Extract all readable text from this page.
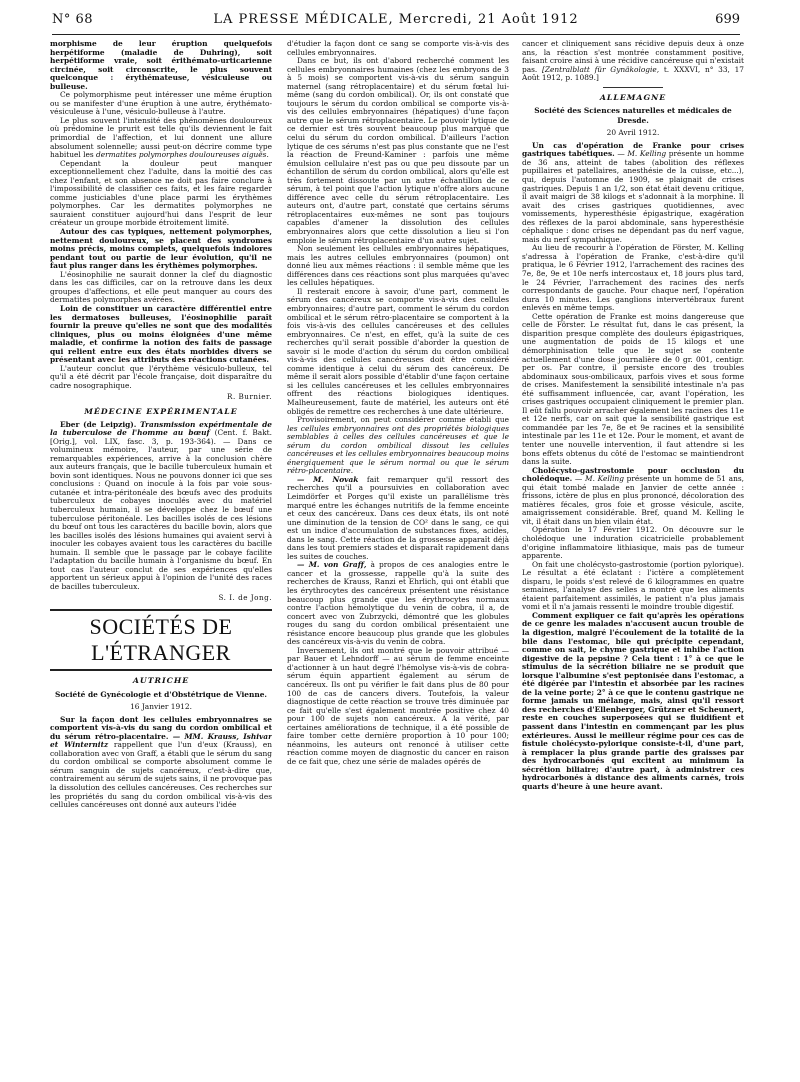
N° 68	LA PRESSE MÉDICALE, Mercredi, 21 Août 1912	699

morphisme de leur éruption quelquefois herpétiforme (maladie de Duhring), soit herpétiforme vraie, soit érithémato-urticarienne circinée, soit circonscrite, le plus souvent quelconque : érythémateuse, vésiculeuse ou bulleuse.

Ce polymorphisme peut intéresser une même éruption ou se manifester d'une éruption à une autre, érythémato-vésiculeuse à l'une, vésiculo-bulleuse à l'autre.

Le plus souvent l'intensité des phénomènes douloureux où prédomine le prurit est telle qu'ils deviennent le fait primordial de l'affection, et lui donnent une allure absolument solennelle; aussi peut-on décrire comme type habituel les dermatites polymorphes douloureuses aiguës.

Cependant la douleur peut manquer exceptionnellement chez l'adulte, dans la moitié des cas chez l'enfant, et son absence ne doit pas faire conclure à l'impossibilité de classifier ces faits, et les faire regarder comme justiciables d'une place parmi les érythèmes polymorphes. Car les dermatites polymorphes ne sauraient constituer aujourd'hui dans l'esprit de leur créateur un groupe morbide étroitement limité.

Autour des cas typiques, nettement polymorphes, nettement douloureux, se placent des syndromes moins précis, moins complets, quelquefois indolores pendant tout ou partie de leur évolution, qu'il ne faut plus ranger dans les érythèmes polymorphes.

L'éosinophilie ne saurait donner la clef du diagnostic dans les cas difficiles, car on la retrouve dans les deux groupes d'affections, et elle peut manquer au cours des dermatites polymorphes avérées.

Loin de constituer un caractère différentiel entre les dermatoses bulleuses, l'éosinophilie paraît fournir la preuve qu'elles ne sont que des modalités cliniques, plus ou moins éloignées d'une même maladie, et confirme la notion des faits de passage qui relient entre eux des états morbides divers se présentant avec les attributs des réactions cutanées.

L'auteur conclut que l'érythème vésiculo-bulleux, tel qu'il a été décrit par l'école française, doit disparaître du cadre nosographique.

R. Burnier.
MÉDECINE EXPÉRIMENTALE

Eber (de Leipzig). Transmission expérimentale de la tuberculose de l'homme au bœuf (Cent. f. Bakt. [Orig.], vol. LIX, fasc. 3, p. 193-364). — Dans ce volumineux mémoire, l'auteur, par une série de remarquables expériences, arrive à la conclusion chère aux auteurs français, que le bacille tuberculeux humain et bovin sont identiques. Nous ne pouvons donner ici que ses conclusions : Quand on inocule à la fois par voie sous-cutanée et intra-péritonéale des bœufs avec des produits tuberculeux de cobayes inoculés avec du matériel tuberculeux humain, il se développe chez le bœuf une tuberculose péritonéale. Les bacilles isolés de ces lésions du bœuf ont tous les caractères du bacille bovin, alors que les bacilles isolés des lésions humaines qui avaient servi à inoculer les cobayes avaient tous les caractères du bacille humain. Il semble que le passage par le cobaye facilite l'adaptation du bacille humain à l'organisme du bœuf. En tout cas l'auteur conclut de ses expériences qu'elles apportent un sérieux appui à l'opinion de l'unité des races de bacilles tuberculeux.

S. I. de Jong.
SOCIÉTÉS DE L'ÉTRANGER
AUTRICHE
Société de Gynécologie et d'Obstétrique de Vienne.
16 Janvier 1912.

Sur la façon dont les cellules embryonnaires se comportent vis-à-vis du sang du cordon ombilical et du sérum rétro-placentaire. — MM. Krauss, Ishivar et Winternitz rappellent que l'un d'eux (Krauss), en collaboration avec von Graff, a établi que le sérum du sang du cordon ombilical se comporte absolument comme le sérum sanguin de sujets cancéreux, c'est-à-dire que, contrairement au sérum de sujets sains, il ne provoque pas la dissolution des cellules cancéreuses. Ces recherches sur les propriétés du sang du cordon ombilical vis-à-vis des cellules cancéreuses ont donné aux auteurs l'idée

d'étudier la façon dont ce sang se comporte vis-à-vis des cellules embryonnaires.

Dans ce but, ils ont d'abord recherché comment les cellules embryonnaires humaines (chez les embryons de 3 à 5 mois) se comportent vis-à-vis du sérum sanguin maternel (sang rétroplacentaire) et du sérum fœtal lui-même (sang du cordon ombilical). Or, ils ont constaté que toujours le sérum du cordon ombilical se comporte vis-à-vis des cellules embryonnaires (hépatiques) d'une façon autre que le sérum rétroplacentaire. Le pouvoir lytique de ce dernier est très souvent beaucoup plus marqué que celui du sérum du cordon ombilical. D'ailleurs l'action lytique de ces sérums n'est pas plus constante que ne l'est la réaction de Freund-Kaminer : parfois une même émulsion cellulaire n'est pas ou que peu dissoute par un échantillon de sérum du cordon ombilical, alors qu'elle est très fortement dissoute par un autre échantillon de ce sérum, à tel point que l'action lytique n'offre alors aucune différence avec celle du sérum rétroplacentaire. Les auteurs ont, d'autre part, constaté que certains sérums rétroplacentaires eux-mêmes ne sont pas toujours capables d'amener la dissolution des cellules embryonnaires alors que cette dissolution a lieu si l'on emploie le sérum rétroplacentaire d'un autre sujet.

Non seulement les cellules embryonnaires hépatiques, mais les autres cellules embryonnaires (poumon) ont donné lieu aux mêmes réactions : il semble même que les différences dans ces réactions sont plus marquées qu'avec les cellules hépatiques.

Il resterait encore à savoir, d'une part, comment le sérum des cancéreux se comporte vis-à-vis des cellules embryonnaires; d'autre part, comment le sérum du cordon ombilical et le sérum rétro-placentaire se comportent à la fois vis-à-vis des cellules cancéreuses et des cellules embryonnaires. Ce n'est, en effet, qu'à la suite de ces recherches qu'il serait possible d'aborder la question de savoir si le mode d'action du sérum du cordon ombilical vis-à-vis des cellules cancéreuses doit être considéré comme identique à celui du sérum des cancéreux. De même il serait alors possible d'établir d'une façon certaine si les cellules cancéreuses et les cellules embryonnaires offrent des réactions biologiques identiques. Malheureusement, faute de matériel, les auteurs ont été obligés de remettre ces recherches à une date ultérieure.

Provisoirement, on peut considérer comme établi que les cellules embryonnaires ont des propriétés biologiques semblables à celles des cellules cancéreuses et que le sérum du cordon ombilical dissout les cellules cancéreuses et les cellules embryonnaires beaucoup moins énergiquement que le sérum normal ou que le sérum rétro-placentaire.

— M. Novak fait remarquer qu'il ressort des recherches qu'il a poursuivies en collaboration avec Leimdörfer et Porges qu'il existe un parallélisme très marqué entre les échanges nutritifs de la femme enceinte et ceux des cancéreux. Dans ces deux états, ils ont noté une diminution de la tension de CO² dans le sang, ce qui est un indice d'accumulation de substances fixes, acides, dans le sang. Cette réaction de la grossesse apparaît déjà dans les tout premiers stades et disparaît rapidement dans les suites de couches.

— M. von Graff, à propos de ces analogies entre le cancer et la grossesse, rappelle qu'à la suite des recherches de Krauss, Ranzi et Ehrlich, qui ont établi que les érythrocytes des cancéreux présentent une résistance beaucoup plus grande que les érythrocytes normaux contre l'action hémolytique du venin de cobra, il a, de concert avec von Zubrzycki, démontré que les globules rouges du sang du cordon ombilical présentaient une résistance encore beaucoup plus grande que les globules des cancéreux vis-à-vis du venin de cobra.

Inversement, ils ont montré que le pouvoir attribué — par Bauer et Lehndorff — au sérum de femme enceinte d'actionner à un haut degré l'hémolyse vis-à-vis de cobra-sérum équin appartient également au sérum de cancéreux. Ils ont pu vérifier le fait dans plus de 80 pour 100 de cas de cancers divers. Toutefois, la valeur diagnostique de cette réaction se trouve très diminuée par ce fait qu'elle s'est également montrée positive chez 40 pour 100 de sujets non cancéreux. A la vérité, par certaines améliorations de technique, il a été possible de faire tomber cette dernière proportion à 10 pour 100; néanmoins, les auteurs ont renoncé à utiliser cette réaction comme moyen de diagnostic du cancer en raison de ce fait que, chez une série de malades opérés de

cancer et cliniquement sans récidive depuis deux à onze ans, la réaction s'est montrée constamment positive, faisant croire ainsi à une récidive cancéreuse qui n'existait pas. [Zentralblatt für Gynäkologie, t. XXXVI, n° 33, 17 Août 1912, p. 1089.]

ALLEMAGNE
Société des Sciences naturelles et médicales de Dresde.
20 Avril 1912.

Un cas d'opération de Franke pour crises gastriques tabétiques. — M. Kelling présente un homme de 36 ans, atteint de tabes (abolition des réflexes pupillaires et patellaires, anesthésie de la cuisse, etc...), qui, depuis l'automne de 1909, se plaignait de crises gastriques. Depuis 1 an 1/2, son état était devenu critique, il avait maigri de 38 kilogs et s'adonnait à la morphine. Il avait des crises gastriques quotidiennes, avec vomissements, hyperesthésie épigastrique, exagération des réflexes de la paroi abdominale, sans hyperesthésie céphalique : donc crises ne dépendant pas du nerf vague, mais du nerf sympathique.

Au lieu de recourir à l'opération de Förster, M. Kelling s'adressa à l'opération de Franke, c'est-à-dire qu'il pratiqua, le 6 Février 1912, l'arrachement des racines des 7e, 8e, 9e et 10e nerfs intercostaux et, 18 jours plus tard, le 24 Février, l'arrachement des racines des nerfs correspondants de gauche. Pour chaque nerf, l'opération dura 10 minutes. Les ganglions intervertébraux furent enlevés en même temps.

Cette opération de Franke est moins dangereuse que celle de Förster. Le résultat fut, dans le cas présent, la disparition presque complète des douleurs épigastriques, une augmentation de poids de 15 kilogs et une démorphinisation telle que le sujet se contente actuellement d'une dose journalière de 0 gr. 001, centigr. per os. Par contre, il persiste encore des troubles abdominaux sous-ombilicaux, parfois vives et sous forme de crises. Manifestement la sensibilité intestinale n'a pas été suffisamment influencée, car, avant l'opération, les crises gastriques occupaient cliniquement le premier plan. Il eût fallu pouvoir arracher également les racines des 11e et 12e nerfs, car on sait que la sensibilité gastrique est commandée par les 7e, 8e et 9e racines et la sensibilité intestinale par les 11e et 12e. Pour le moment, et avant de tenter une nouvelle intervention, il faut attendre si les bons effets obtenus du côté de l'estomac se maintiendront dans la suite.

Cholécysto-gastrostomie pour occlusion du cholédoque. — M. Kelling présente un homme de 51 ans, qui était tombé malade en Janvier de cette année : frissons, ictère de plus en plus prononcé, décoloration des matières fécales, gros foie et grosse vésicule, ascite, amaigrissement considérable. Bref, quand M. Kelling le vit, il était dans un bien vilain état.

Opération le 17 Février 1912. On découvre sur le cholédoque une induration cicatricielle probablement d'origine inflammatoire lithiasique, mais pas de tumeur apparente.

On fait une cholécysto-gastrostomie (portion pylorique). Le résultat a été éclatant : l'ictère a complètement disparu, le poids s'est relevé de 6 kilogrammes en quatre semaines, l'analyse des selles a montré que les aliments étaient parfaitement assimilés, le patient n'a plus jamais vomi et il n'a jamais ressenti le moindre trouble digestif.

Comment expliquer ce fait qu'après les opérations de ce genre les malades n'accusent aucun trouble de la digestion, malgré l'écoulement de la totalité de la bile dans l'estomac, bile qui précipite cependant, comme on sait, le chyme gastrique et inhibe l'action digestive de la pepsine ? Cela tient : 1° à ce que le stimulus de la sécrétion biliaire ne se produit que lorsque l'albumine s'est peptonisée dans l'estomac, a été digérée par l'intestin et absorbée par les racines de la veine porte; 2° à ce que le contenu gastrique ne forme jamais un mélange, mais, ainsi qu'il ressort des recherches d'Ellenberger, Grützner et Scheunert, reste en couches superposées qui se fluidifient et passent dans l'intestin en commençant par les plus extérieures. Aussi le meilleur régime pour ces cas de fistule cholécysto-pylorique consiste-t-il, d'une part, à remplacer la plus grande partie des graisses par des hydrocarbonés qui excitent au minimum la sécrétion biliaire; d'autre part, à administrer ces hydrocarbonés à distance des aliments carnés, trois quarts d'heure à une heure avant.
